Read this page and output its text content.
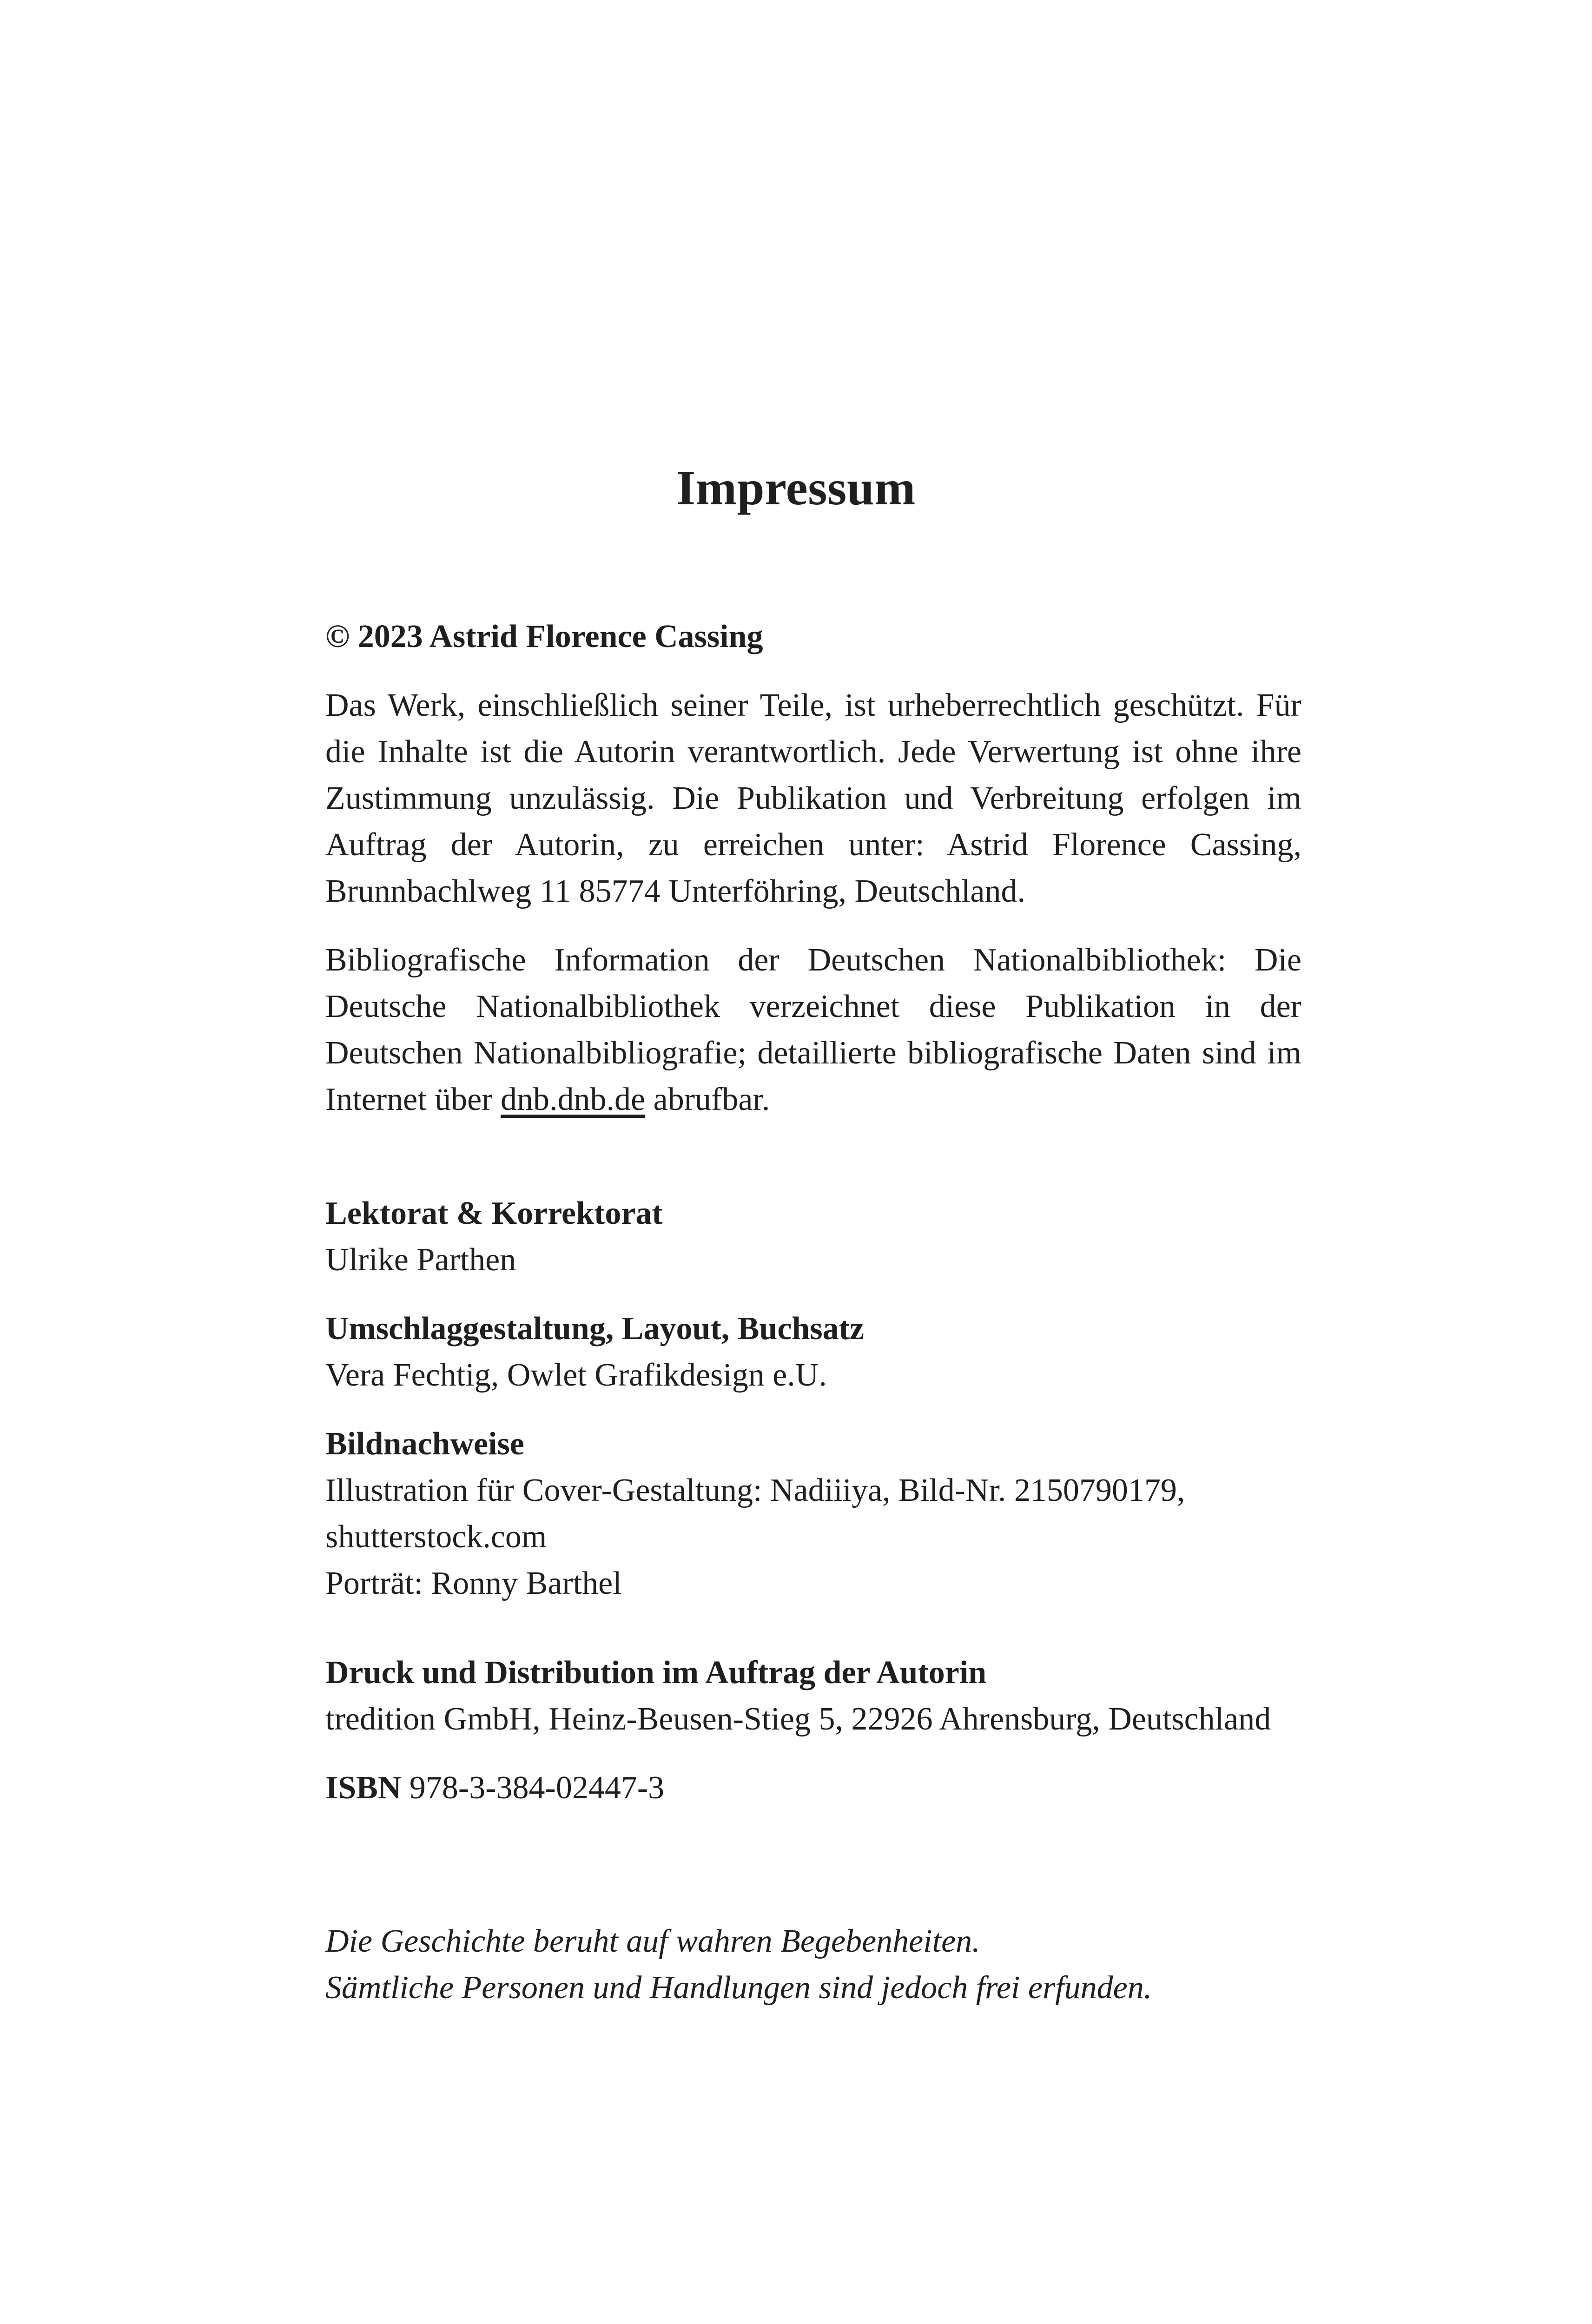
Impressum

© 2023 Astrid Florence Cassing

Das Werk, einschließlich seiner Teile, ist urheberrechtlich geschützt. Für die Inhalte ist die Autorin verantwortlich. Jede Verwertung ist ohne ihre Zustimmung unzulässig. Die Publikation und Verbreitung erfolgen im Auftrag der Autorin, zu erreichen unter: Astrid Florence Cassing, Brunnbachlweg 11 85774 Unterföhring, Deutschland.

Bibliografische Information der Deutschen Nationalbibliothek: Die Deutsche Nationalbibliothek verzeichnet diese Publikation in der Deutschen Nationalbibliografie; detaillierte bibliografische Daten sind im Internet über dnb.dnb.de abrufbar.

Lektorat & Korrektorat

Ulrike Parthen

Umschlaggestaltung, Layout, Buchsatz

Vera Fechtig, Owlet Grafikdesign e.U.

Bildnachweise

Illustration für Cover-Gestaltung: Nadiiiya, Bild-Nr. 2150790179,

shutterstock.com

Porträt: Ronny Barthel

Druck und Distribution im Auftrag der Autorin

tredition GmbH, Heinz-Beusen-Stieg 5, 22926 Ahrensburg, Deutschland

ISBN 978-3-384-02447-3

Die Geschichte beruht auf wahren Begebenheiten.

Sämtliche Personen und Handlungen sind jedoch frei erfunden.
